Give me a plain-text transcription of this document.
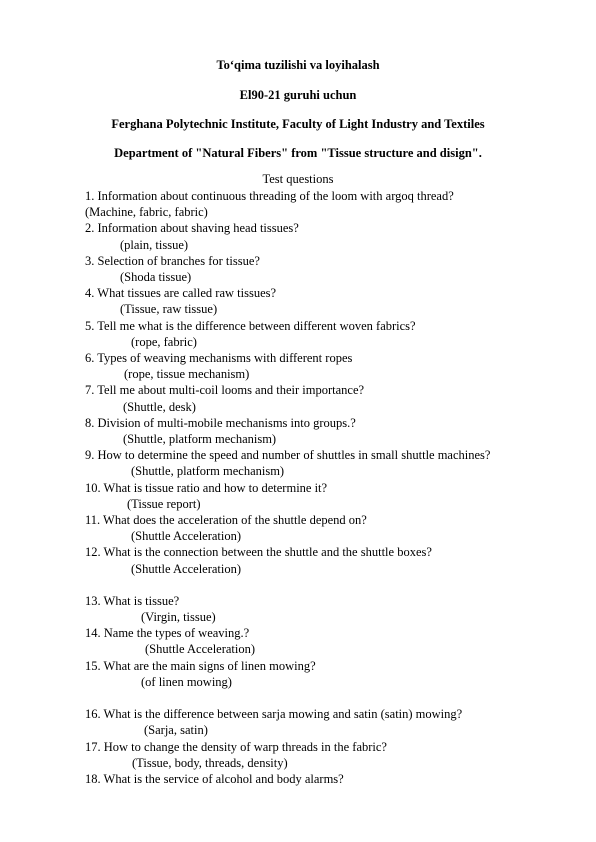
To‘qima tuzilishi va loyihalash
El90-21 guruhi uchun
Ferghana Polytechnic Institute, Faculty of Light Industry and Textiles
Department of "Natural Fibers" from "Tissue structure and disign".
Test questions
1. Information about continuous threading of the loom with argoq thread?
(Machine, fabric, fabric)
2. Information about shaving head tissues?
(plain, tissue)
3. Selection of branches for tissue?
(Shoda tissue)
4. What tissues are called raw tissues?
(Tissue, raw tissue)
5. Tell me what is the difference between different woven fabrics?
(rope, fabric)
6. Types of weaving mechanisms with different ropes
(rope, tissue mechanism)
7. Tell me about multi-coil looms and their importance?
(Shuttle, desk)
8. Division of multi-mobile mechanisms into groups.?
(Shuttle, platform mechanism)
9. How to determine the speed and number of shuttles in small shuttle machines?
(Shuttle, platform mechanism)
10. What is tissue ratio and how to determine it?
(Tissue report)
11. What does the acceleration of the shuttle depend on?
(Shuttle Acceleration)
12. What is the connection between the shuttle and the shuttle boxes?
(Shuttle Acceleration)
13. What is tissue?
(Virgin, tissue)
14. Name the types of weaving.?
(Shuttle Acceleration)
15. What are the main signs of linen mowing?
(of linen mowing)
16. What is the difference between sarja mowing and satin (satin) mowing?
(Sarja, satin)
17. How to change the density of warp threads in the fabric?
(Tissue, body, threads, density)
18. What is the service of alcohol and body alarms?
